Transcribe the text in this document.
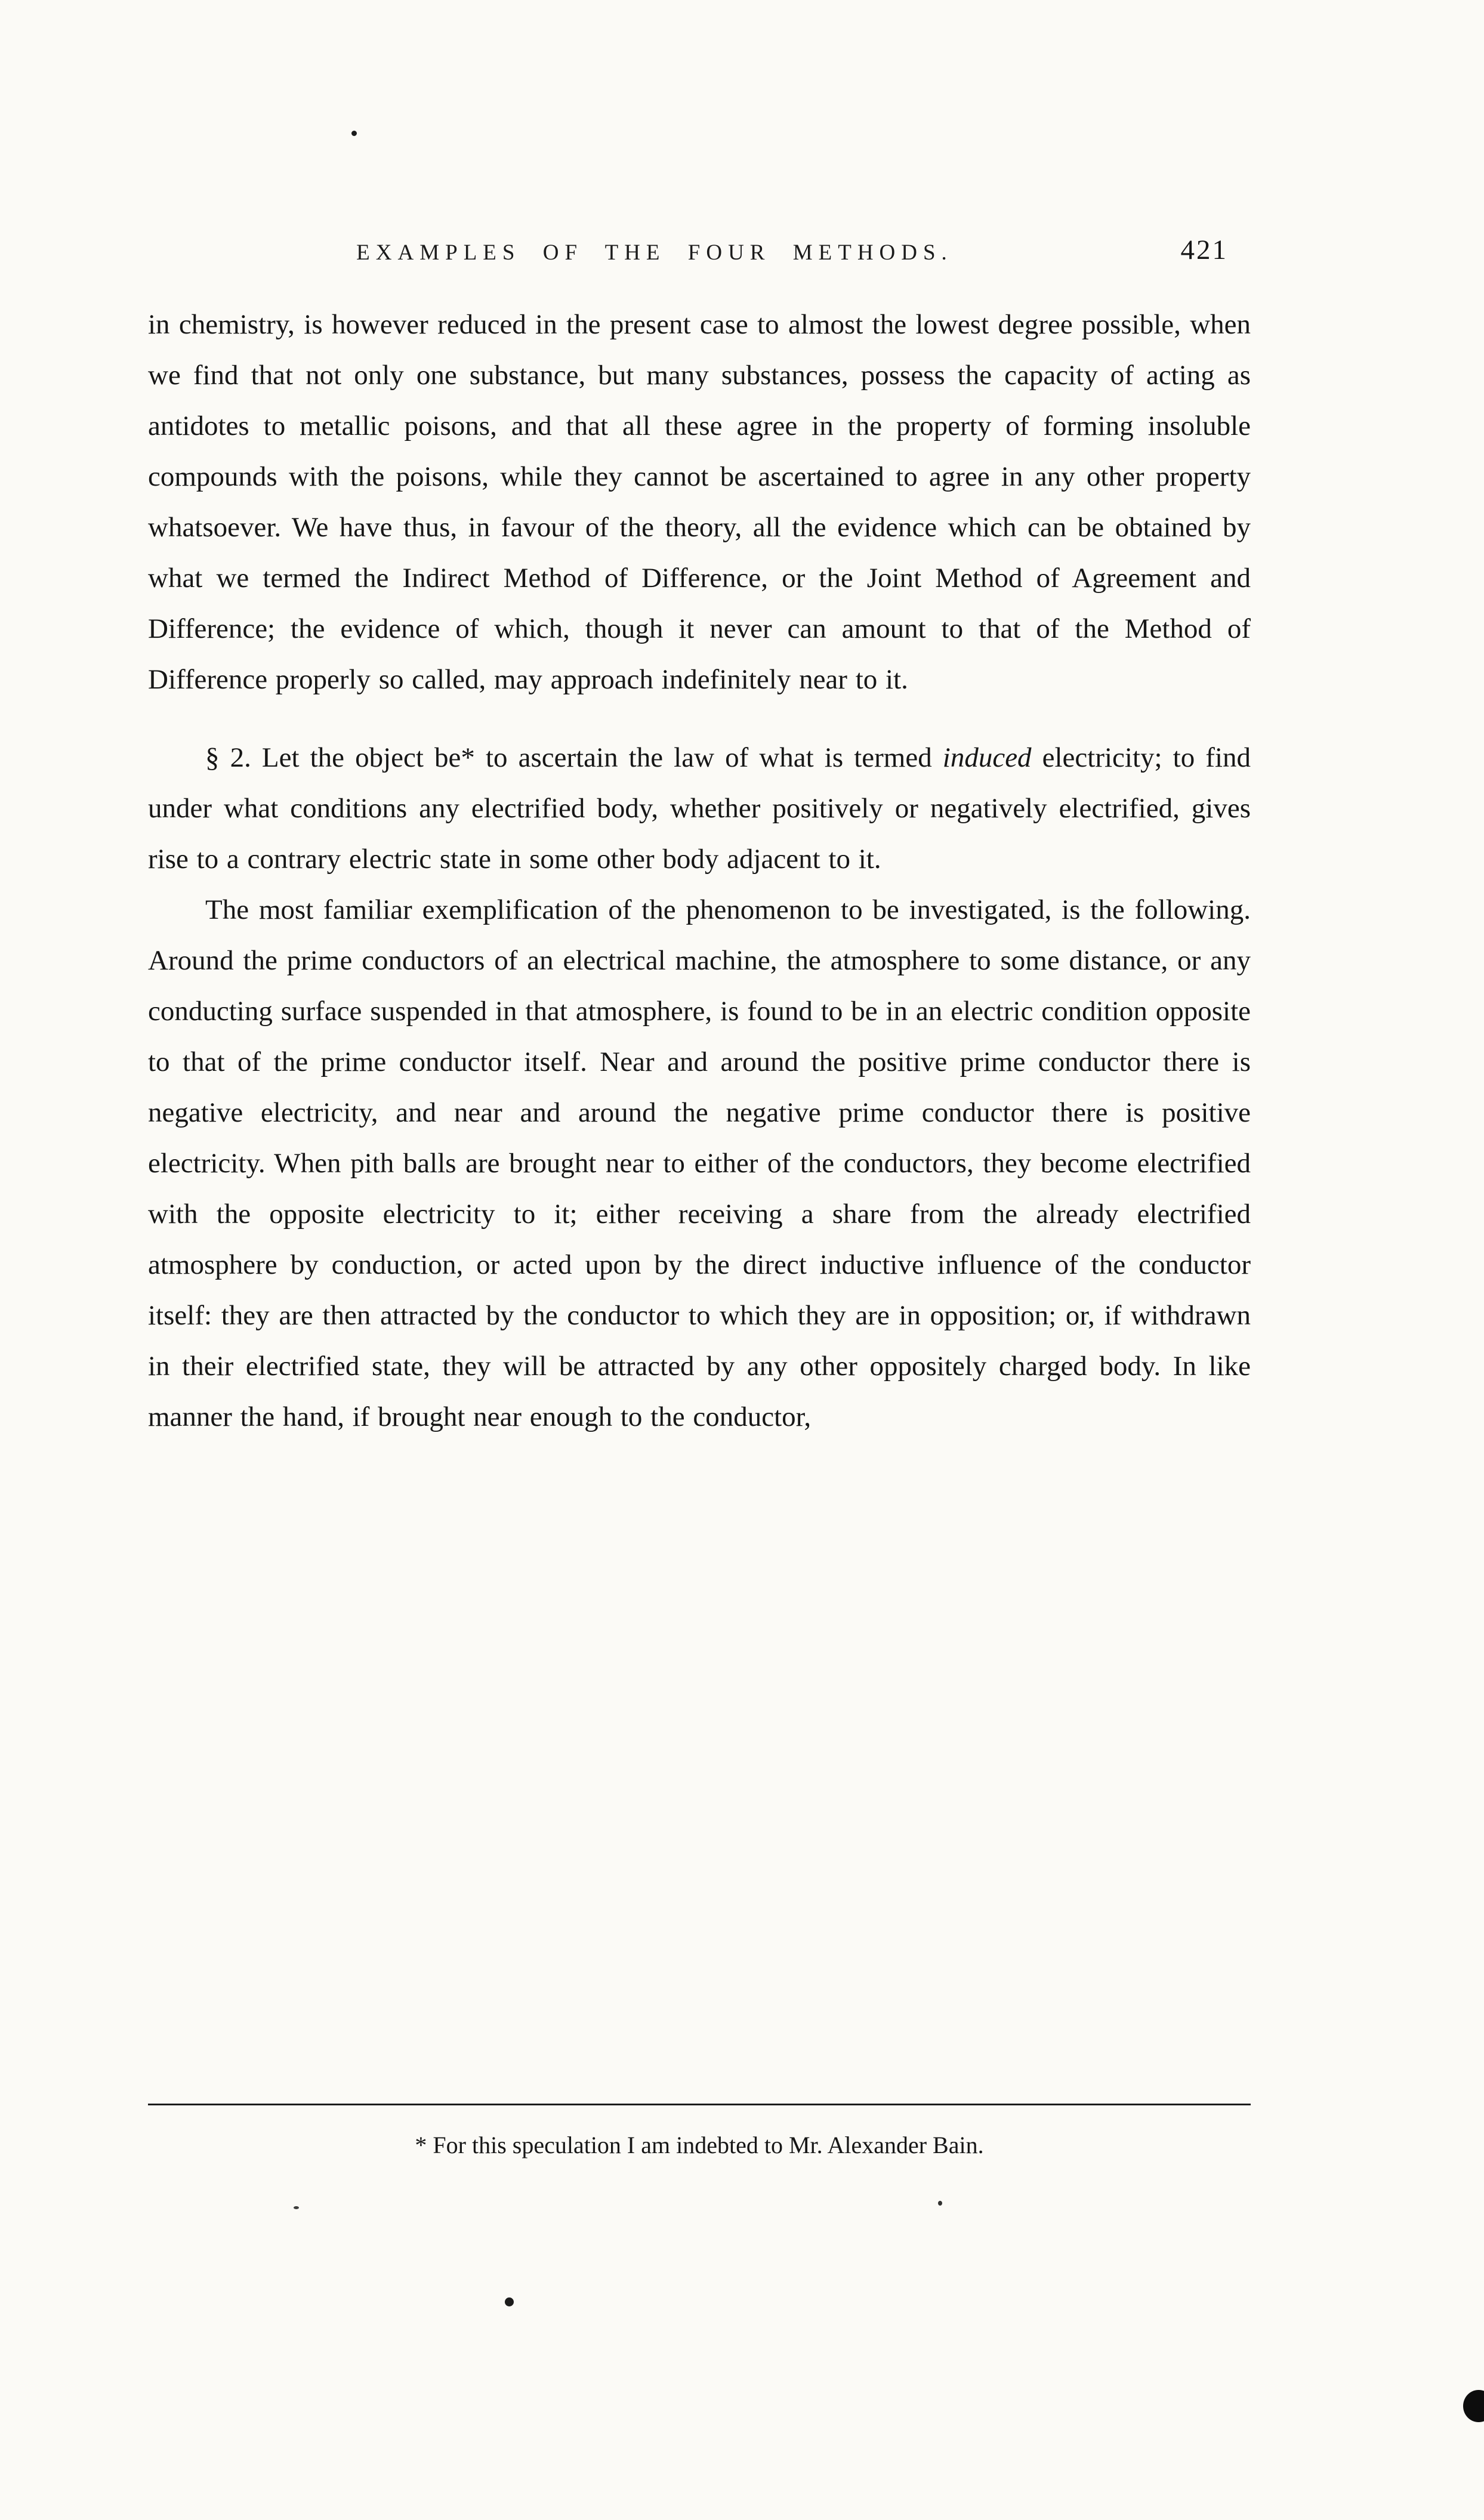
EXAMPLES OF THE FOUR METHODS.	421

in chemistry, is however reduced in the present case to almost the lowest degree possible, when we find that not only one substance, but many substances, possess the capacity of acting as antidotes to metallic poisons, and that all these agree in the property of forming insoluble compounds with the poisons, while they cannot be ascertained to agree in any other property whatsoever. We have thus, in favour of the theory, all the evidence which can be obtained by what we termed the Indirect Method of Difference, or the Joint Method of Agreement and Difference; the evidence of which, though it never can amount to that of the Method of Difference properly so called, may approach indefinitely near to it.

§ 2. Let the object be* to ascertain the law of what is termed induced electricity; to find under what conditions any electrified body, whether positively or negatively electrified, gives rise to a contrary electric state in some other body adjacent to it.

The most familiar exemplification of the phenomenon to be investigated, is the following. Around the prime conductors of an electrical machine, the atmosphere to some distance, or any conducting surface suspended in that atmosphere, is found to be in an electric condition opposite to that of the prime conductor itself. Near and around the positive prime conductor there is negative electricity, and near and around the negative prime conductor there is positive electricity. When pith balls are brought near to either of the conductors, they become electrified with the opposite electricity to it; either receiving a share from the already electrified atmosphere by conduction, or acted upon by the direct inductive influence of the conductor itself: they are then attracted by the conductor to which they are in opposition; or, if withdrawn in their electrified state, they will be attracted by any other oppositely charged body. In like manner the hand, if brought near enough to the conductor,

* For this speculation I am indebted to Mr. Alexander Bain.
